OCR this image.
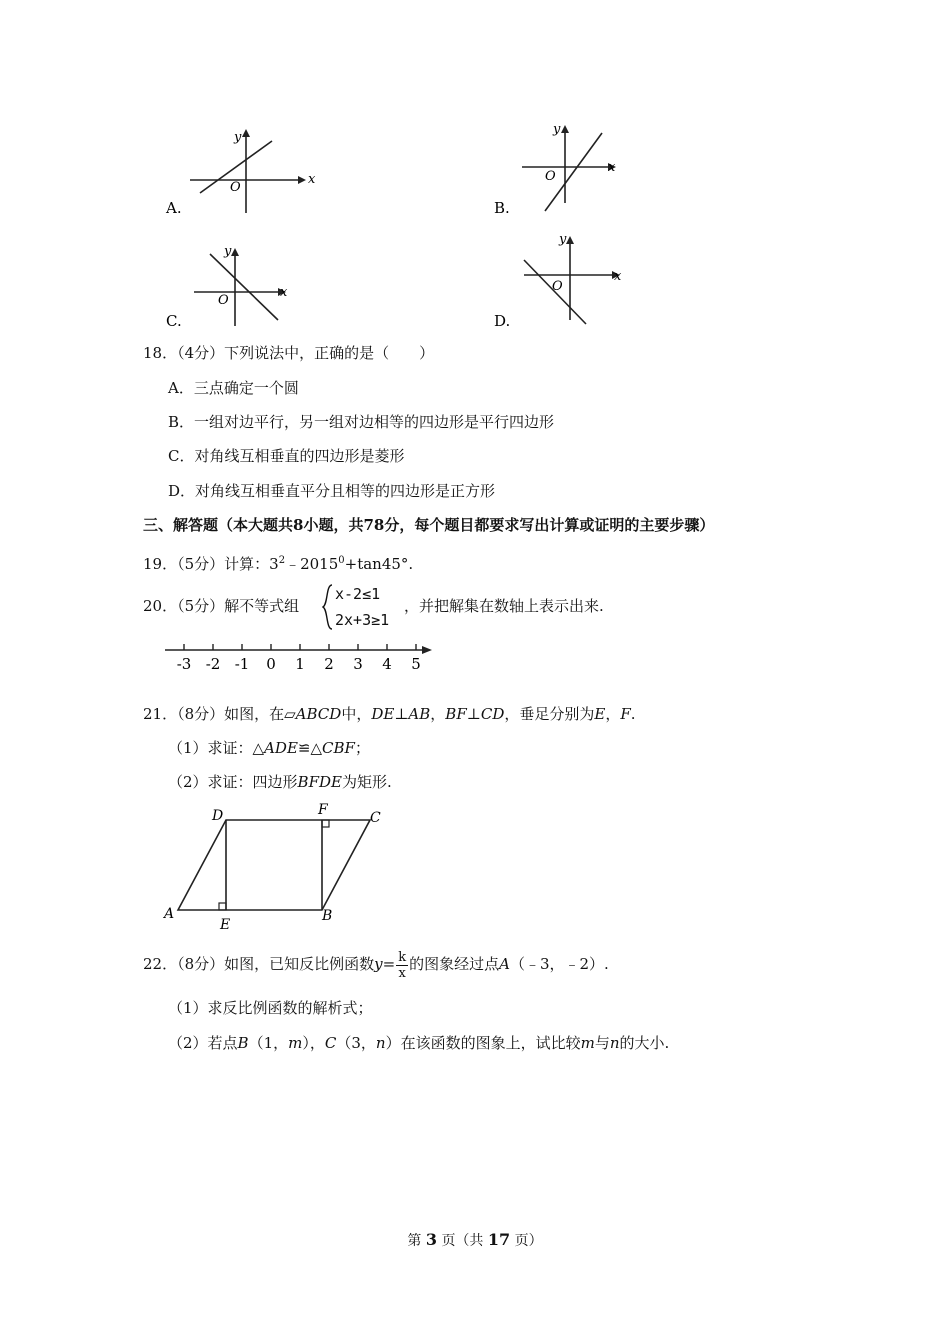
x
y
O
A.
x
y
O
B.
x
y
O
C.
x
y
O
D.
18．（4分）下列说法中，正确的是（　　）
A．三点确定一个圆
B．一组对边平行，另一组对边相等的四边形是平行四边形
C．对角线互相垂直的四边形是菱形
D．对角线互相垂直平分且相等的四边形是正方形
三、解答题（本大题共8小题，共78分，每个题目都要求写出计算或证明的主要步骤）
19．（5分）计算：$3^2﹣2015^0+\tan 45^\circ$.
20．（5分）解不等式组
x-2≤1
2x+3≥1
，并把解集在数轴上表示出来.
-3 -2 -1 0 1 2 3 4 5
21．（8分）如图，在▱ABCD中，DE⊥AB，BF⊥CD，垂足分别为E，F.
（1）求证：△ADE≌△CBF；
（2）求证：四边形BFDE为矩形.
A	B
C
D
E
F
22．（8分）如图，已知反比例函数$y= \frac{k}{x}$ 的图象经过点A（﹣3，﹣2）.
（1）求反比例函数的解析式；
（2）若点B（1，m），C（3，n）在该函数的图象上，试比较m与n的大小.
第 3 页（共 17 页）
